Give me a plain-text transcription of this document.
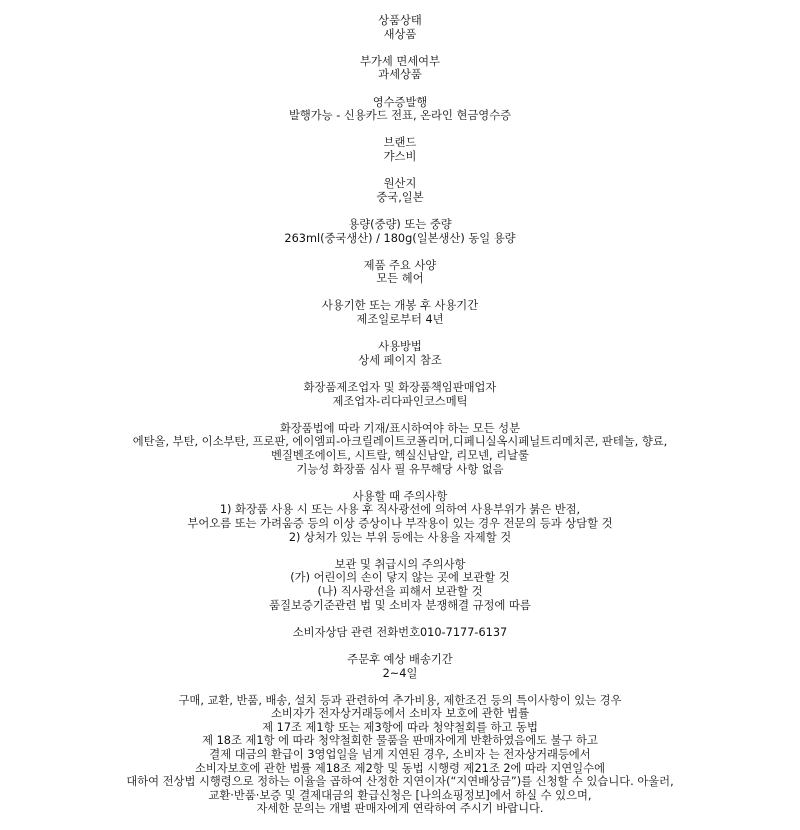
상품상태
새상품
부가세 면세여부
과세상품
영수증발행
발행가능 - 신용카드 전표, 온라인 현금영수증
브랜드
갸스비
원산지
중국,일본
용량(중량) 또는 중량
263ml(중국생산) / 180g(일본생산) 동일 용량
제품 주요 사양
모든 헤어
사용기한 또는 개봉 후 사용기간
제조일로부터 4년
사용방법
상세 페이지 참조
화장품제조업자 및 화장품책임판매업자
제조업자-리다파인코스메틱
화장품법에 따라 기재/표시하여야 하는 모든 성분
에탄올, 부탄, 이소부탄, 프로판, 에이엠피-아크릴레이트코폴리머,디페니실옥시페닐트리메치콘, 판테놀, 향료,
벤질벤조에이트, 시트랄, 헥실신남알, 리모넨, 리날룰
기능성 화장품 심사 필 유무해당 사항 없음
사용할 때 주의사항
1) 화장품 사용 시 또는 사용 후 직사광선에 의하여 사용부위가 붉은 반점,
부어오름 또는 가려움증 등의 이상 증상이나 부작용이 있는 경우 전문의 등과 상담할 것
2) 상처가 있는 부위 등에는 사용을 자제할 것
보관 및 취급시의 주의사항
(가) 어린이의 손이 닿지 않는 곳에 보관할 것
(나) 직사광선을 피해서 보관할 것
품질보증기준관련 법 및 소비자 분쟁해결 규정에 따름
소비자상담 관련 전화번호010-7177-6137
주문후 예상 배송기간
2~4일
구매, 교환, 반품, 배송, 설치 등과 관련하여 추가비용, 제한조건 등의 특이사항이 있는 경우
소비자가 전자상거래등에서 소비자 보호에 관한 법률
제 17조 제1항 또는 제3항에 따라 청약철회를 하고 동법
제 18조 제1항 에 따라 청약철회한 물품을 판매자에게 반환하였음에도 불구 하고
결제 대금의 환급이 3영업일을 넘게 지연된 경우, 소비자 는 전자상거래등에서
소비자보호에 관한 법률 제18조 제2항 및 동법 시행령 제21조 2에 따라 지연일수에
대하여 전상법 시행령으로 정하는 이율을 곱하여 산정한 지연이자(“지연배상금”)를 신청할 수 있습니다. 아울러,
교환·반품·보증 및 결제대금의 환급신청은 [나의쇼핑정보]에서 하실 수 있으며,
자세한 문의는 개별 판매자에게 연락하여 주시기 바랍니다.
